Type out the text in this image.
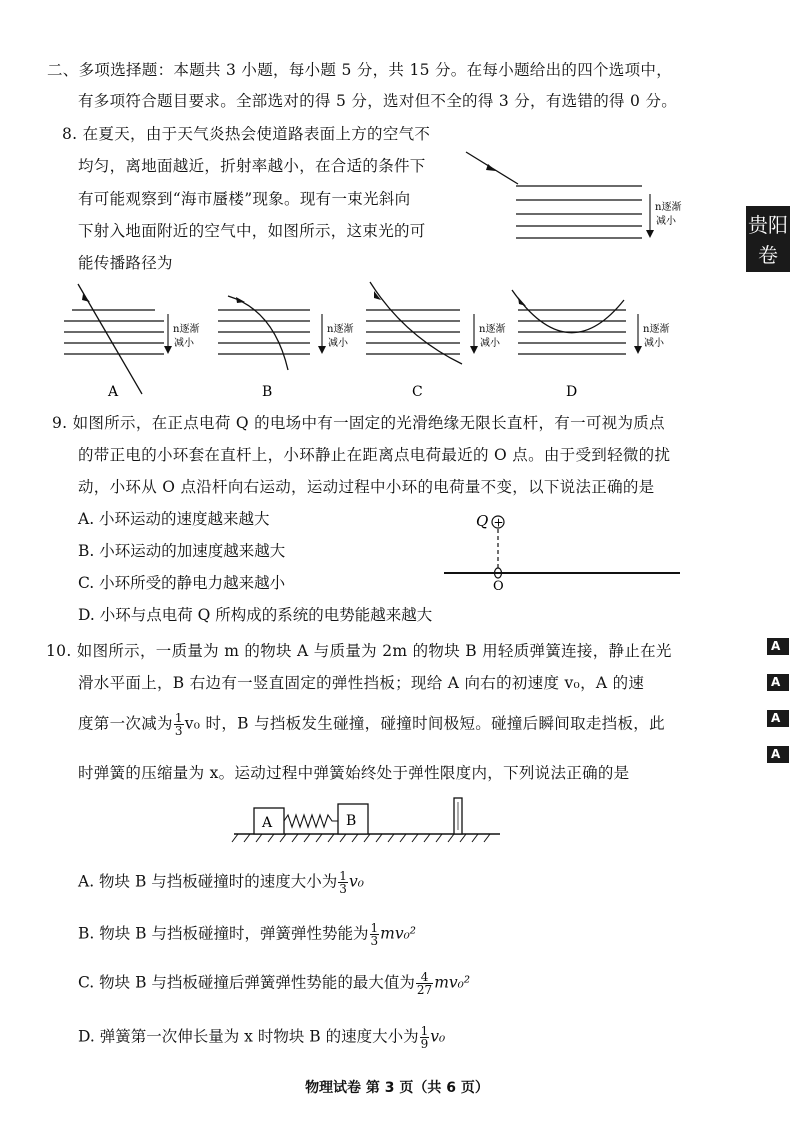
二、多项选择题：本题共 3 小题，每小题 5 分，共 15 分。在每小题给出的四个选项中，
有多项符合题目要求。全部选对的得 5 分，选对但不全的得 3 分，有选错的得 0 分。
8. 在夏天，由于天气炎热会使道路表面上方的空气不
均匀，离地面越近，折射率越小，在合适的条件下
有可能观察到“海市蜃楼”现象。现有一束光斜向
下射入地面附近的空气中，如图所示，这束光的可
能传播路径为
n逐渐
减小
n逐渐
减小
n逐渐
减小
n逐渐
减小
n逐渐
减小
A	B	C	D
9. 如图所示，在正点电荷 Q 的电场中有一固定的光滑绝缘无限长直杆，有一可视为质点
的带正电的小环套在直杆上，小环静止在距离点电荷最近的 O 点。由于受到轻微的扰
动，小环从 O 点沿杆向右运动，运动过程中小环的电荷量不变，以下说法正确的是
A. 小环运动的速度越来越大
B. 小环运动的加速度越来越大
C. 小环所受的静电力越来越小
D. 小环与点电荷 Q 所构成的系统的电势能越来越大
Q +
O
10. 如图所示，一质量为 m 的物块 A 与质量为 2m 的物块 B 用轻质弹簧连接，静止在光
滑水平面上，B 右边有一竖直固定的弹性挡板；现给 A 向右的初速度 v₀，A 的速
度第一次减为 $\frac{1}{3} v_0$ 时，B 与挡板发生碰撞，碰撞时间极短。碰撞后瞬间取走挡板，此
时弹簧的压缩量为 x。运动过程中弹簧始终处于弹性限度内，下列说法正确的是
A	B
A. 物块 B 与挡板碰撞时的速度大小为 $\frac{1}{3} v_0$
B. 物块 B 与挡板碰撞时，弹簧弹性势能为 $\frac{1}{3} mv_0^2$
C. 物块 B 与挡板碰撞后弹簧弹性势能的最大值为 $\frac{4}{27} mv_0^2$
D. 弹簧第一次伸长量为 x 时物块 B 的速度大小为 $\frac{1}{9} v_0$
贵阳
卷
A
A
A
A
物理试卷 第 3 页（共 6 页）
